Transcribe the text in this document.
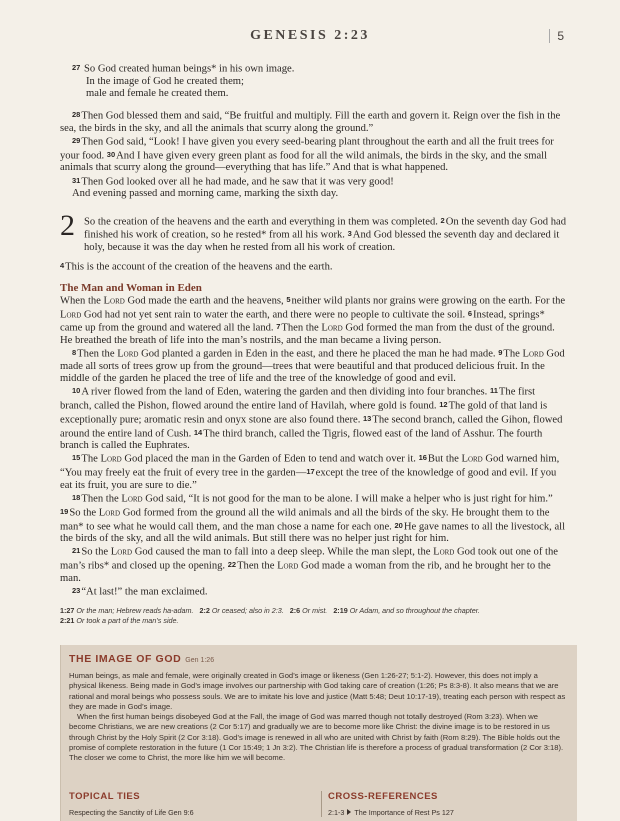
GENESIS 2:23	5

27 So God created human beings* in his own image.

In the image of God he created them;

male and female he created them.

28Then God blessed them and said, “Be fruitful and multiply. Fill the earth and govern it. Reign over the fish in the sea, the birds in the sky, and all the animals that scurry along the ground.”

29Then God said, “Look! I have given you every seed-bearing plant throughout the earth and all the fruit trees for your food. 30And I have given every green plant as food for all the wild animals, the birds in the sky, and the small animals that scurry along the ground—everything that has life.” And that is what happened.

31Then God looked over all he had made, and he saw that it was very good!

And evening passed and morning came, marking the sixth day.

2 So the creation of the heavens and the earth and everything in them was completed. 2On the seventh day God had finished his work of creation, so he rested* from all his work. 3And God blessed the seventh day and declared it holy, because it was the day when he rested from all his work of creation.

4This is the account of the creation of the heavens and the earth.

The Man and Woman in Eden

When the Lord God made the earth and the heavens, 5neither wild plants nor grains were growing on the earth. For the Lord God had not yet sent rain to water the earth, and there were no people to cultivate the soil. 6Instead, springs* came up from the ground and watered all the land. 7Then the Lord God formed the man from the dust of the ground. He breathed the breath of life into the man’s nostrils, and the man became a living person.

8Then the Lord God planted a garden in Eden in the east, and there he placed the man he had made. 9The Lord God made all sorts of trees grow up from the ground—trees that were beautiful and that produced delicious fruit. In the middle of the garden he placed the tree of life and the tree of the knowledge of good and evil.

10A river flowed from the land of Eden, watering the garden and then dividing into four branches. 11The first branch, called the Pishon, flowed around the entire land of Havilah, where gold is found. 12The gold of that land is exceptionally pure; aromatic resin and onyx stone are also found there. 13The second branch, called the Gihon, flowed around the entire land of Cush. 14The third branch, called the Tigris, flowed east of the land of Asshur. The fourth branch is called the Euphrates.

15The Lord God placed the man in the Garden of Eden to tend and watch over it. 16But the Lord God warned him, “You may freely eat the fruit of every tree in the garden—17except the tree of the knowledge of good and evil. If you eat its fruit, you are sure to die.”

18Then the Lord God said, “It is not good for the man to be alone. I will make a helper who is just right for him.” 19So the Lord God formed from the ground all the wild animals and all the birds of the sky. He brought them to the man* to see what he would call them, and the man chose a name for each one. 20He gave names to all the livestock, all the birds of the sky, and all the wild animals. But still there was no helper just right for him.

21So the Lord God caused the man to fall into a deep sleep. While the man slept, the Lord God took out one of the man’s ribs* and closed up the opening. 22Then the Lord God made a woman from the rib, and he brought her to the man.

23“At last!” the man exclaimed.

1:27 Or the man; Hebrew reads ha-adam. 2:2 Or ceased; also in 2:3. 2:6 Or mist. 2:19 Or Adam, and so throughout the chapter.
2:21 Or took a part of the man’s side.
THE IMAGE OF GOD Gen 1:26

Human beings, as male and female, were originally created in God’s image or likeness (Gen 1:26-27; 5:1-2). However, this does not imply a physical likeness. Being made in God’s image involves our partnership with God taking care of creation (1:26; Ps 8:3-8). It also means that we are rational and moral beings who possess souls. We are to imitate his love and justice (Matt 5:48; Deut 10:17-19), treating each person with respect as they are made in God’s image.

When the first human beings disobeyed God at the Fall, the image of God was marred though not totally destroyed (Rom 3:23). When we become Christians, we are new creations (2 Cor 5:17) and gradually we are to become more like Christ: the divine image is to be restored in us through Christ by the Holy Spirit (2 Cor 3:18). God’s image is renewed in all who are united with Christ by faith (Rom 8:29). The Bible holds out the promise of complete restoration in the future (1 Cor 15:49; 1 Jn 3:2). The Christian life is therefore a process of gradual transformation (2 Cor 3:18). The closer we come to Christ, the more like him we will become.

TOPICAL TIES
Respecting the Sanctity of Life Gen 9:6
CROSS-REFERENCES
2:1-3 The Importance of Rest Ps 127
